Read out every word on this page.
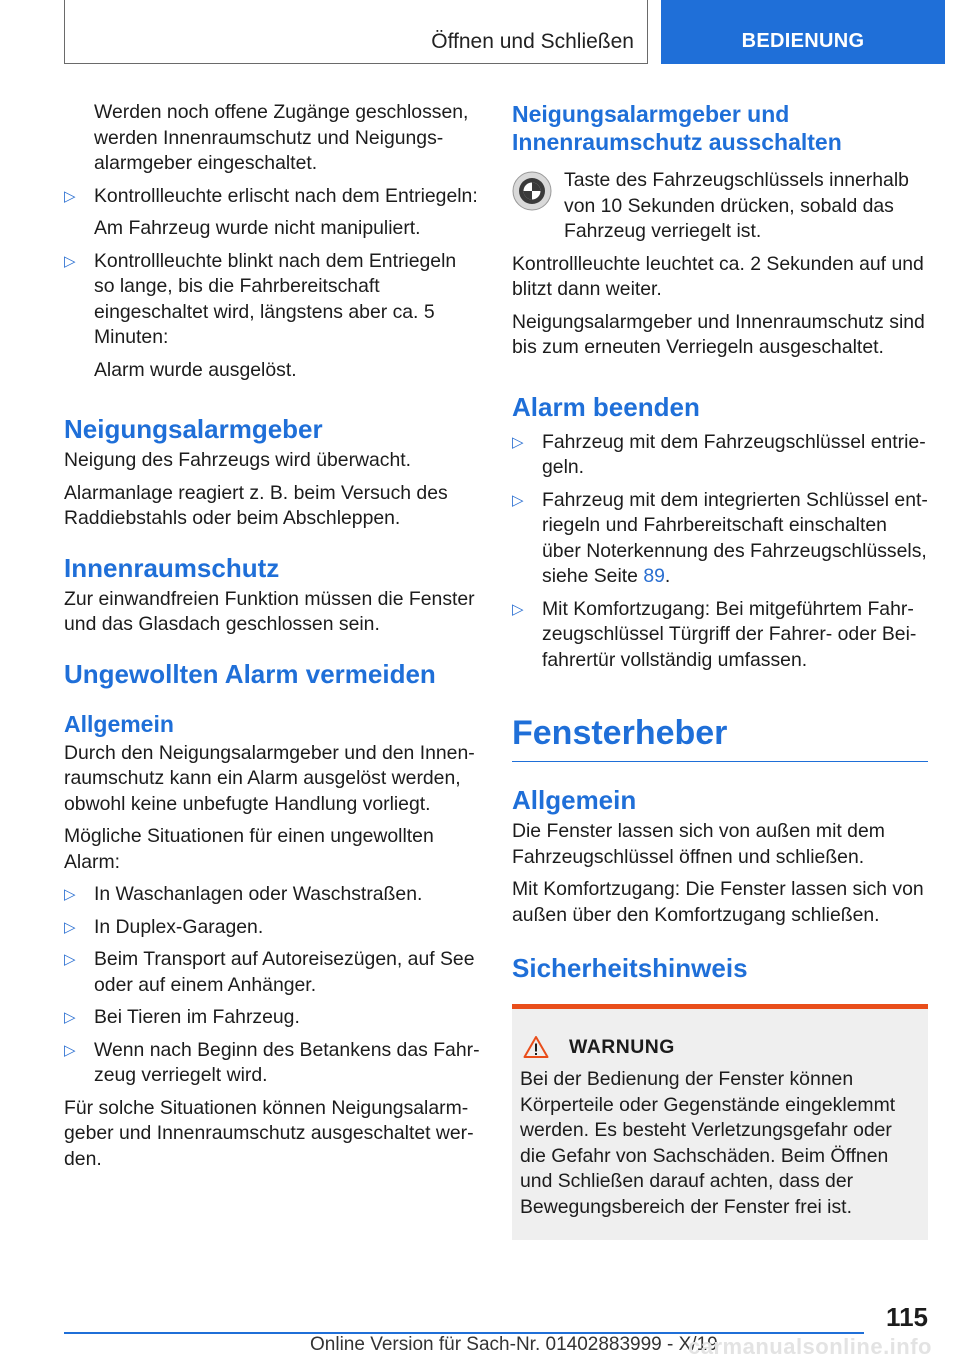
Öffnen und Schließen	BEDIENUNG

Werden noch offene Zugänge geschlossen, werden Innenraumschutz und Neigungsalarmgeber eingeschaltet.

▷ Kontrollleuchte erlischt nach dem Entriegeln:
Am Fahrzeug wurde nicht manipuliert.
▷ Kontrollleuchte blinkt nach dem Entriegeln so lange, bis die Fahrbereitschaft eingeschaltet wird, längstens aber ca. 5 Minuten:
Alarm wurde ausgelöst.
Neigungsalarmgeber

Neigung des Fahrzeugs wird überwacht.

Alarmanlage reagiert z. B. beim Versuch des Raddiebstahls oder beim Abschleppen.

Innenraumschutz

Zur einwandfreien Funktion müssen die Fenster und das Glasdach geschlossen sein.

Ungewollten Alarm vermeiden
Allgemein

Durch den Neigungsalarmgeber und den Innenraumschutz kann ein Alarm ausgelöst werden, obwohl keine unbefugte Handlung vorliegt.

Mögliche Situationen für einen ungewollten Alarm:

▷ In Waschanlagen oder Waschstraßen.
▷ In Duplex-Garagen.
▷ Beim Transport auf Autoreisezügen, auf See oder auf einem Anhänger.
▷ Bei Tieren im Fahrzeug.
▷ Wenn nach Beginn des Betankens das Fahrzeug verriegelt wird.

Für solche Situationen können Neigungsalarmgeber und Innenraumschutz ausgeschaltet werden.

Neigungsalarmgeber und Innenraumschutz ausschalten

Taste des Fahrzeugschlüssels innerhalb von 10 Sekunden drücken, sobald das Fahrzeug verriegelt ist.

Kontrollleuchte leuchtet ca. 2 Sekunden auf und blitzt dann weiter.

Neigungsalarmgeber und Innenraumschutz sind bis zum erneuten Verriegeln ausgeschaltet.

Alarm beenden
▷ Fahrzeug mit dem Fahrzeugschlüssel entriegeln.
▷ Fahrzeug mit dem integrierten Schlüssel entriegeln und Fahrbereitschaft einschalten über Noterkennung des Fahrzeugschlüssels, siehe Seite 89.
▷ Mit Komfortzugang: Bei mitgeführtem Fahrzeugschlüssel Türgriff der Fahrer- oder Beifahrertür vollständig umfassen.
Fensterheber
Allgemein

Die Fenster lassen sich von außen mit dem Fahrzeugschlüssel öffnen und schließen.

Mit Komfortzugang: Die Fenster lassen sich von außen über den Komfortzugang schließen.

Sicherheitshinweis
WARNUNG

Bei der Bedienung der Fenster können Körperteile oder Gegenstände eingeklemmt werden. Es besteht Verletzungsgefahr oder die Gefahr von Sachschäden. Beim Öffnen und Schließen darauf achten, dass der Bewegungsbereich der Fenster frei ist.

115
Online Version für Sach-Nr. 01402883999 - X/19
carmanualsonline.info
